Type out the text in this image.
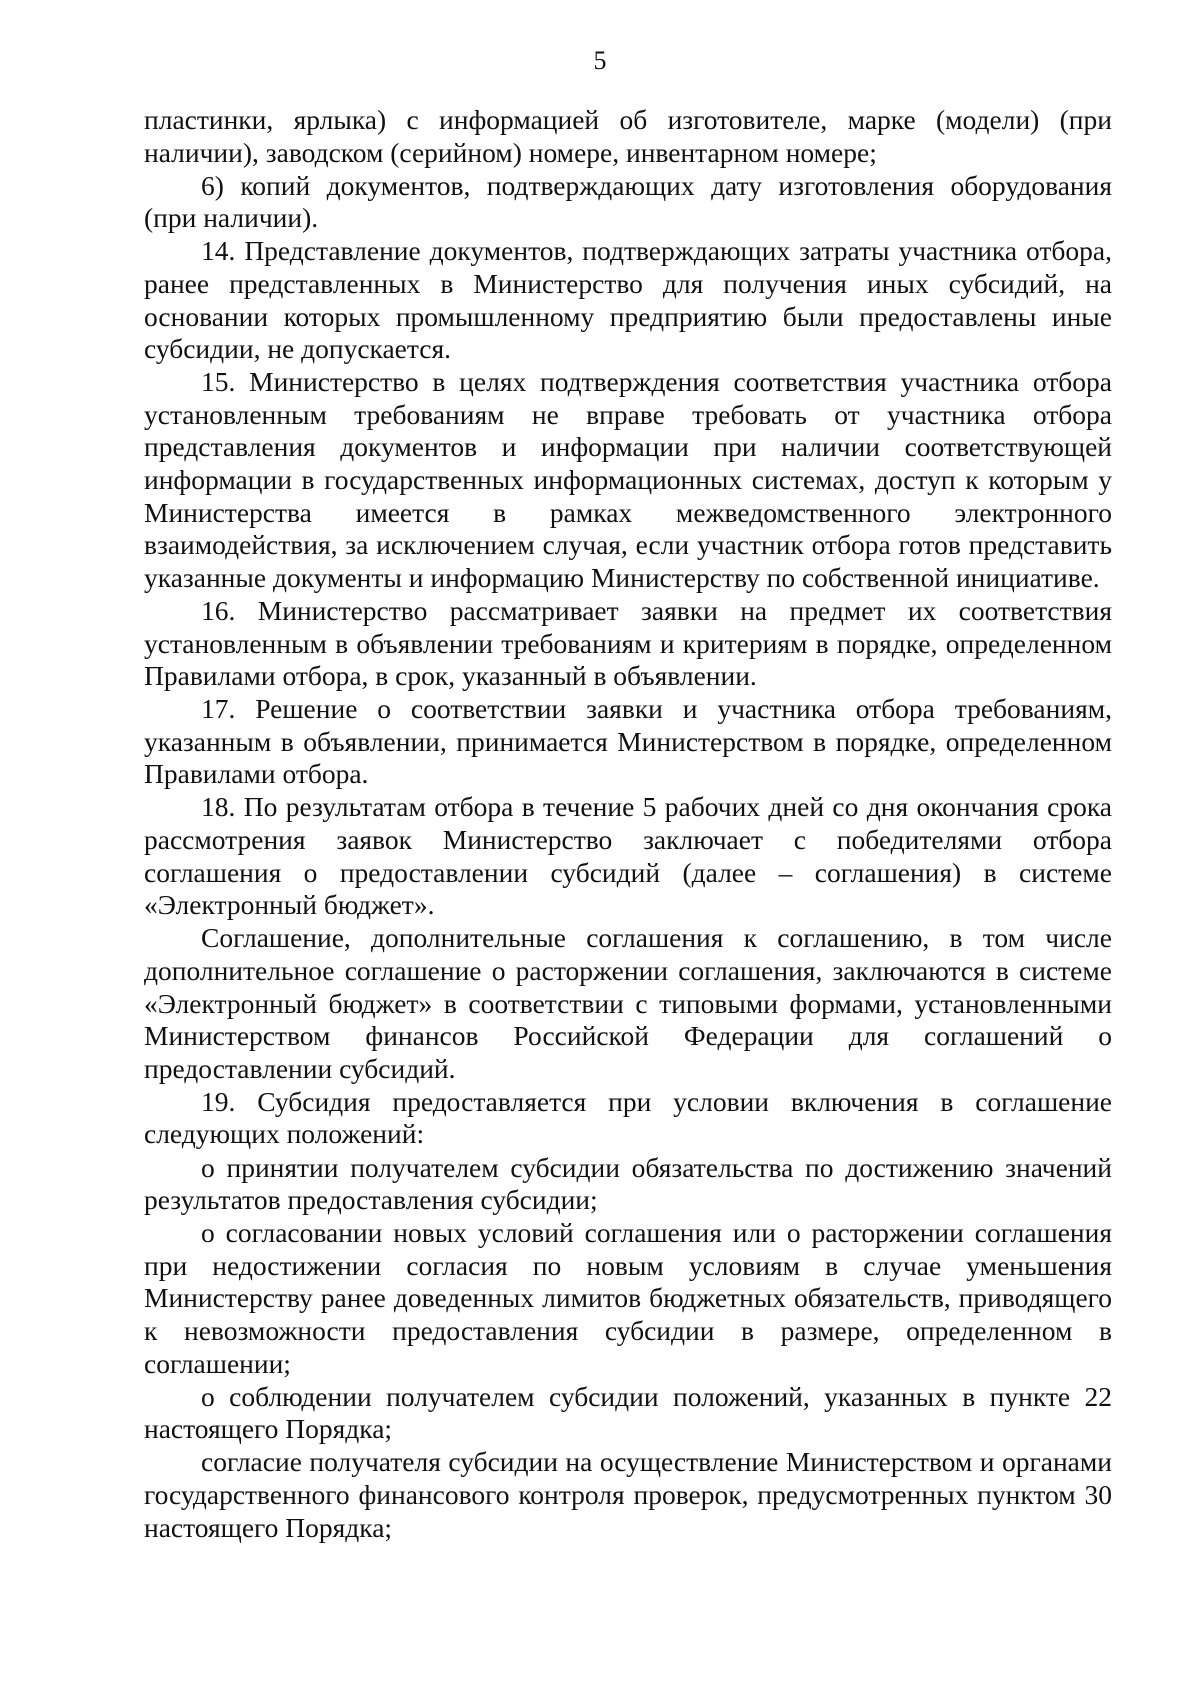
5

пластинки, ярлыка) с информацией об изготовителе, марке (модели) (при наличии), заводском (серийном) номере, инвентарном номере;

6) копий документов, подтверждающих дату изготовления оборудования (при наличии).

14. Представление документов, подтверждающих затраты участника отбора, ранее представленных в Министерство для получения иных субсидий, на основании которых промышленному предприятию были предоставлены иные субсидии, не допускается.

15. Министерство в целях подтверждения соответствия участника отбора установленным требованиям не вправе требовать от участника отбора представления документов и информации при наличии соответствующей информации в государственных информационных системах, доступ к которым у Министерства имеется в рамках межведомственного электронного взаимодействия, за исключением случая, если участник отбора готов представить указанные документы и информацию Министерству по собственной инициативе.

16. Министерство рассматривает заявки на предмет их соответствия установленным в объявлении требованиям и критериям в порядке, определенном Правилами отбора, в срок, указанный в объявлении.

17. Решение о соответствии заявки и участника отбора требованиям, указанным в объявлении, принимается Министерством в порядке, определенном Правилами отбора.

18. По результатам отбора в течение 5 рабочих дней со дня окончания срока рассмотрения заявок Министерство заключает с победителями отбора соглашения о предоставлении субсидий (далее – соглашения) в системе «Электронный бюджет».

Соглашение, дополнительные соглашения к соглашению, в том числе дополнительное соглашение о расторжении соглашения, заключаются в системе «Электронный бюджет» в соответствии с типовыми формами, установленными Министерством финансов Российской Федерации для соглашений о предоставлении субсидий.

19. Субсидия предоставляется при условии включения в соглашение следующих положений:

о принятии получателем субсидии обязательства по достижению значений результатов предоставления субсидии;

о согласовании новых условий соглашения или о расторжении соглашения при недостижении согласия по новым условиям в случае уменьшения Министерству ранее доведенных лимитов бюджетных обязательств, приводящего к невозможности предоставления субсидии в размере, определенном в соглашении;

о соблюдении получателем субсидии положений, указанных в пункте 22 настоящего Порядка;

согласие получателя субсидии на осуществление Министерством и органами государственного финансового контроля проверок, предусмотренных пунктом 30 настоящего Порядка;
